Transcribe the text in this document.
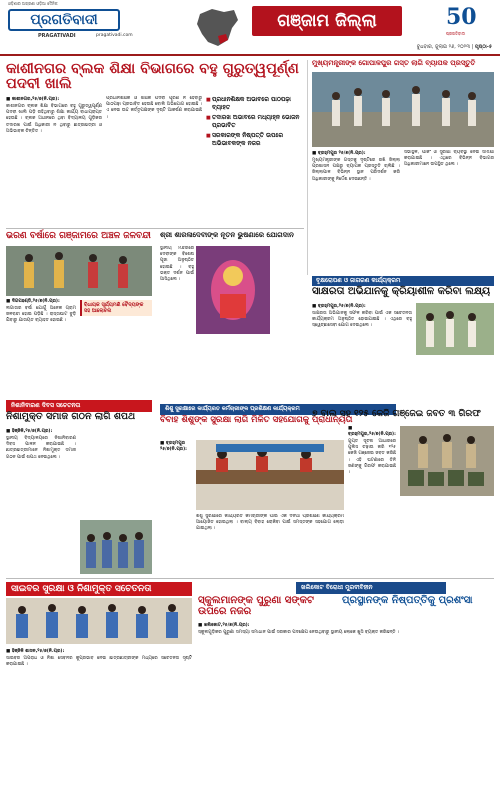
ଓଡ଼ିଶାର ଅଗ୍ରଣୀ ଓଡ଼ିଆ ଦୈନିକ
ପ୍ରଗତିବାଦୀ
PRAGATIVADI	pragativadi.com
ଗଞ୍ଜାମ ଜିଲ୍ଲା	50
ପ୍ରଗତିବାଦୀ
ବୁଧବାର, ଜୁଲାଇ ୨୬, ୨୦୨୩ | ପୃଷ୍ଠା-୫
କାଶୀନଗର ବ୍ଲକ ଶିକ୍ଷା ବିଭାଗରେ ବହୁ ଗୁରୁତ୍ୱପୂର୍ଣ୍ଣ ପଦବୀ ଖାଲି
■ କାଶୀନଗର,୨୫/୭(ନି.ପ୍ର):
କାଶୀନଗର ବ୍ଲକ ଶିକ୍ଷା ବିଭାଗରେ ବହୁ ଗୁରୁତ୍ୱପୂର୍ଣ୍ଣ ପଦବୀ ଖାଲି ପଡ଼ି ରହିଥିବାରୁ ଶିକ୍ଷା କାର୍ଯ୍ୟ ବାଧାପ୍ରାପ୍ତ ହେଉଛି । ବ୍ଲକ ଅଧୀନରେ ଥିବା ବିଦ୍ୟାଳୟ ଗୁଡ଼ିକର ତଦାରଖ ପାଇଁ ଅଧିକାରୀ ନ ଥିବାରୁ ଛାତ୍ରଛାତ୍ରୀ ଓ ଅଭିଭାବକ ଚିନ୍ତିତ ।
ପ୍ରଧାନଶିକ୍ଷକ ଓ ଶିକ୍ଷକ ପଦବୀ ପୂରଣ ନ ହେବାରୁ ପାଠପଢ଼ା ପ୍ରଭାବିତ ହେଉଛି ବୋଲି ଅଭିଯୋଗ ହୋଇଛି । ଏ ନେଇ ଉଚ୍ଚ କର୍ତ୍ତୃପକ୍ଷଙ୍କ ଦୃଷ୍ଟି ଆକର୍ଷଣ କରାଯାଇଛି ।
■ ପ୍ରଧାନଶିକ୍ଷକ ଅଭାବରେ ପାଠପଢ଼ା ବ୍ୟାହତ
■ ତଦାରଖ ଅଭାବରେ ମଧ୍ୟାହ୍ନ ଭୋଜନ ପ୍ରଭାବିତ
■ ସରକାରଙ୍କ ନିଷ୍ପତ୍ତି ଉପରେ ଅଭିଭାବକଙ୍କ ନଜର
ମୁଖ୍ୟମନ୍ତ୍ରୀଙ୍କ ଗୋପାଳପୁର ଗସ୍ତ ଲାଗି ବ୍ୟାପକ ପ୍ରସ୍ତୁତି
■ ବ୍ରହ୍ମପୁର ୨୫/୭(ନି.ପ୍ର):
ମୁଖ୍ୟମନ୍ତ୍ରୀଙ୍କ ଗସ୍ତକୁ ଦୃଷ୍ଟିରେ ରଖି ଜିଲ୍ଲା ପ୍ରଶାସନ ପକ୍ଷରୁ ବ୍ୟାପକ ପ୍ରସ୍ତୁତି ଚାଲିଛି । ଜିଲ୍ଲାପାଳ ବିଭିନ୍ନ ସ୍ଥାନ ପରିଦର୍ଶନ କରି ଅଧିକାରୀଙ୍କୁ ନିର୍ଦ୍ଦେଶ ଦେଇଛନ୍ତି ।
ସଭାସ୍ଥଳ, ପାର୍କିଂ ଓ ସୁରକ୍ଷା ବ୍ୟବସ୍ଥା ନେଇ ସମୀକ୍ଷା କରାଯାଇଛି । ଏଥିରେ ବିଭିନ୍ନ ବିଭାଗର ଅଧିକାରୀମାନେ ଉପସ୍ଥିତ ଥିଲେ ।
ଭରଣ ବର୍ଷାରେ ଗଞ୍ଜାମରେ ଅଞ୍ଚଳ ଜଳବନ୍ଦୀ
■ ଦିଗପହଣ୍ଡି,୨୫/୭(ନି.ପ୍ର):
ଲଗାତାର ବର୍ଷା ଯୋଗୁଁ ଅନେକ ଗ୍ରାମ ଜଳବନ୍ଦୀ ହୋଇ ପଡ଼ିଛି । ରାସ୍ତାଘାଟ ବୁଡ଼ି ଯିବାରୁ ଯାତାୟତ ବ୍ୟାହତ ହୋଇଛି ।
ବିଧାୟକ ସୂର୍ଯ୍ୟମଣି ବୈଦ୍ୟଙ୍କ ସହ ଆଲୋଚନା
ଶ୍ରୀ ଶାରଳାଦେବୀଙ୍କ ନୂତନ ଭୁଷଣାରେ ଯୋଗଦାନ
ସ୍ଥାନୀୟ ମନ୍ଦିରରେ ଦେବୀଙ୍କ ବିଶେଷ ପୂଜା ଅନୁଷ୍ଠିତ ହୋଇଛି । ବହୁ ଭକ୍ତ ଦର୍ଶନ ପାଇଁ ଆସିଥିଲେ ।	ବୃକ୍ଷରୋପଣ ଓ ଜାଗରଣ କାର୍ଯ୍ୟକ୍ରମ
ସାକ୍ଷରତା ଅଭିଯାନକୁ କ୍ରିୟାଶୀଳ କରିବା ଲକ୍ଷ୍ୟ
■ ବ୍ରହ୍ମପୁର,୨୫/୭(ନି.ପ୍ର):
ସାକ୍ଷରତା ଅଭିଯାନକୁ ସଫଳ କରିବା ପାଇଁ ଏକ ସଚେତନତା କାର୍ଯ୍ୟକ୍ରମ ଅନୁଷ୍ଠିତ ହୋଇଯାଇଛି । ଏଥିରେ ବହୁ ସ୍ୱେଚ୍ଛାସେବୀ ଯୋଗ ଦେଇଥିଲେ ।
ନିଶାନିବାରଣ ଦିବସ ସଚେତନତା
ନିଶାମୁକ୍ତ ସମାଜ ଗଠନ ଲାଗି ଶପଥ
■ ହିଞ୍ଜିଳି,୨୫/୭(ନି.ପ୍ର):
ସ୍ଥାନୀୟ ବିଦ୍ୟାଳୟରେ ନିଶାନିବାରଣ ଦିବସ ପାଳନ କରାଯାଇଛି । ଛାତ୍ରଛାତ୍ରୀମାନେ ନିଶାମୁକ୍ତ ସମାଜ ଗଠନ ପାଇଁ ଶପଥ ନେଇଥିଲେ ।
ଶିଶୁ ସୁରକ୍ଷାରେ କାର୍ଯ୍ୟରତ କର୍ମଚାରୀଙ୍କ ପ୍ରଶିକ୍ଷଣ କାର୍ଯ୍ୟକ୍ରମ
ବିବାହ ଶିଶୁଙ୍କ ସୁରକ୍ଷା ଲାଗି ମିଳିତ ସହଯୋଗକୁ ପ୍ରାଧାନ୍ୟତା
■ ବ୍ରହ୍ମପୁର ୨୫/୭(ନି.ପ୍ର):
ଶିଶୁ ସୁରକ୍ଷାରେ କାର୍ଯ୍ୟରତ କର୍ମଚାରୀଙ୍କ ପାଇଁ ଏକ ଦିନିଆ ପ୍ରଶିକ୍ଷଣ କାର୍ଯ୍ୟକ୍ରମ ଆୟୋଜିତ ହୋଇଥିଲା । ବାଲ୍ୟ ବିବାହ ରୋକିବା ପାଇଁ ସମସ୍ତଙ୍କ ସହଯୋଗ ଲୋଡ଼ା ଯାଇଥିଲା ।
୭ ବାଲ ସହ ୧୨୫ କେଜି ଗଞ୍ଜେଇ ଜବତ ୩ ଗିରଫ
■ ବ୍ରହ୍ମପୁର,୨୫/୭(ନି.ପ୍ର):
ଗୁପ୍ତ ସୂଚନା ଆଧାରରେ ପୁଲିସ ଚଢ଼ାଉ କରି ୧୨୫ କେଜି ଗଞ୍ଜେଇ ଜବତ କରିଛି । ଏହି ଘଟଣାରେ ତିନି ଜଣଙ୍କୁ ଗିରଫ କରାଯାଇଛି ।
ସାଇବର ସୁରକ୍ଷା ଓ ନିଶାମୁକ୍ତ ସଚେତନତା
■ ହିଞ୍ଜିଳି ଶାସନ,୨୫/୭(ନି.ପ୍ର):
ସାଇବର ଅପରାଧ ଓ ନିଶା ସେବନର କୁପ୍ରଭାବ ନେଇ ଛାତ୍ରଛାତ୍ରୀଙ୍କ ମଧ୍ୟରେ ସଚେତନତା ସୃଷ୍ଟି କରାଯାଇଛି ।
ଖଲିକୋଟ ବିରୋଧୀ ମୁରବୀବିହୀନ
ସ୍କୁଲମାନଙ୍କ ପୁରୁଣା ସଙ୍କଟ ଉପରେ ନଜର
ପ୍ରସ୍ଥାନଙ୍କ ନିଷ୍ପତ୍ତିକୁ ପ୍ରଶଂସା
■ ଖଲିକୋଟ,୨୫/୭(ନି.ପ୍ର):
ସ୍କୁଲଗୁଡ଼ିକର ପୁରୁଣା ସମସ୍ୟା ସମାଧାନ ପାଇଁ ସରକାର ପଦକ୍ଷେପ ନେଉଥିବାରୁ ସ୍ଥାନୀୟ ଲୋକେ ଖୁସି ବ୍ୟକ୍ତ କରିଛନ୍ତି ।
